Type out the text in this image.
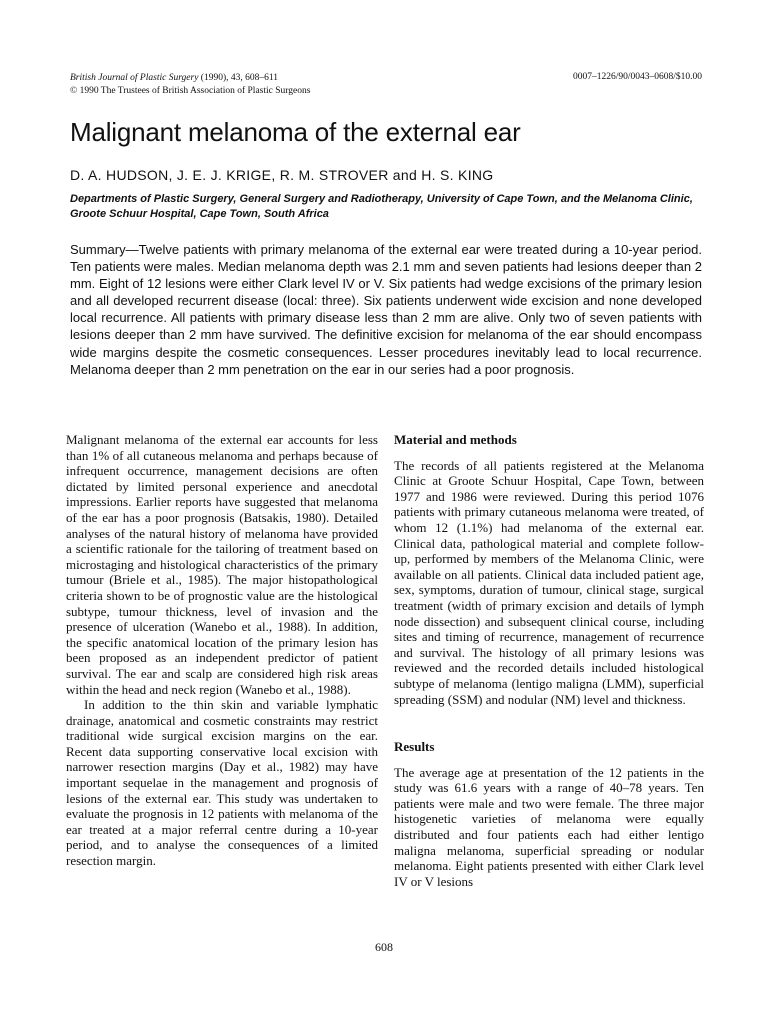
British Journal of Plastic Surgery (1990), 43, 608–611
© 1990 The Trustees of British Association of Plastic Surgeons
0007–1226/90/0043–0608/$10.00
Malignant melanoma of the external ear
D. A. HUDSON, J. E. J. KRIGE, R. M. STROVER and H. S. KING
Departments of Plastic Surgery, General Surgery and Radiotherapy, University of Cape Town, and the Melanoma Clinic, Groote Schuur Hospital, Cape Town, South Africa
Summary—Twelve patients with primary melanoma of the external ear were treated during a 10-year period. Ten patients were males. Median melanoma depth was 2.1 mm and seven patients had lesions deeper than 2 mm. Eight of 12 lesions were either Clark level IV or V. Six patients had wedge excisions of the primary lesion and all developed recurrent disease (local: three). Six patients underwent wide excision and none developed local recurrence. All patients with primary disease less than 2 mm are alive. Only two of seven patients with lesions deeper than 2 mm have survived. The definitive excision for melanoma of the ear should encompass wide margins despite the cosmetic consequences. Lesser procedures inevitably lead to local recurrence. Melanoma deeper than 2 mm penetration on the ear in our series had a poor prognosis.

Malignant melanoma of the external ear accounts for less than 1% of all cutaneous melanoma and perhaps because of infrequent occurrence, management decisions are often dictated by limited personal experience and anecdotal impressions. Earlier reports have suggested that melanoma of the ear has a poor prognosis (Batsakis, 1980). Detailed analyses of the natural history of melanoma have provided a scientific rationale for the tailoring of treatment based on microstaging and histological characteristics of the primary tumour (Briele et al., 1985). The major histopathological criteria shown to be of prognostic value are the histological subtype, tumour thickness, level of invasion and the presence of ulceration (Wanebo et al., 1988). In addition, the specific anatomical location of the primary lesion has been proposed as an independent predictor of patient survival. The ear and scalp are considered high risk areas within the head and neck region (Wanebo et al., 1988).

In addition to the thin skin and variable lymphatic drainage, anatomical and cosmetic constraints may restrict traditional wide surgical excision margins on the ear. Recent data supporting conservative local excision with narrower resection margins (Day et al., 1982) may have important sequelae in the management and prognosis of lesions of the external ear. This study was undertaken to evaluate the prognosis in 12 patients with melanoma of the ear treated at a major referral centre during a 10-year period, and to analyse the consequences of a limited resection margin.

Material and methods

The records of all patients registered at the Melanoma Clinic at Groote Schuur Hospital, Cape Town, between 1977 and 1986 were reviewed. During this period 1076 patients with primary cutaneous melanoma were treated, of whom 12 (1.1%) had melanoma of the external ear. Clinical data, pathological material and complete follow-up, performed by members of the Melanoma Clinic, were available on all patients. Clinical data included patient age, sex, symptoms, duration of tumour, clinical stage, surgical treatment (width of primary excision and details of lymph node dissection) and subsequent clinical course, including sites and timing of recurrence, management of recurrence and survival. The histology of all primary lesions was reviewed and the recorded details included histological subtype of melanoma (lentigo maligna (LMM), superficial spreading (SSM) and nodular (NM) level and thickness.

Results

The average age at presentation of the 12 patients in the study was 61.6 years with a range of 40–78 years. Ten patients were male and two were female. The three major histogenetic varieties of melanoma were equally distributed and four patients each had either lentigo maligna melanoma, superficial spreading or nodular melanoma. Eight patients presented with either Clark level IV or V lesions

608
